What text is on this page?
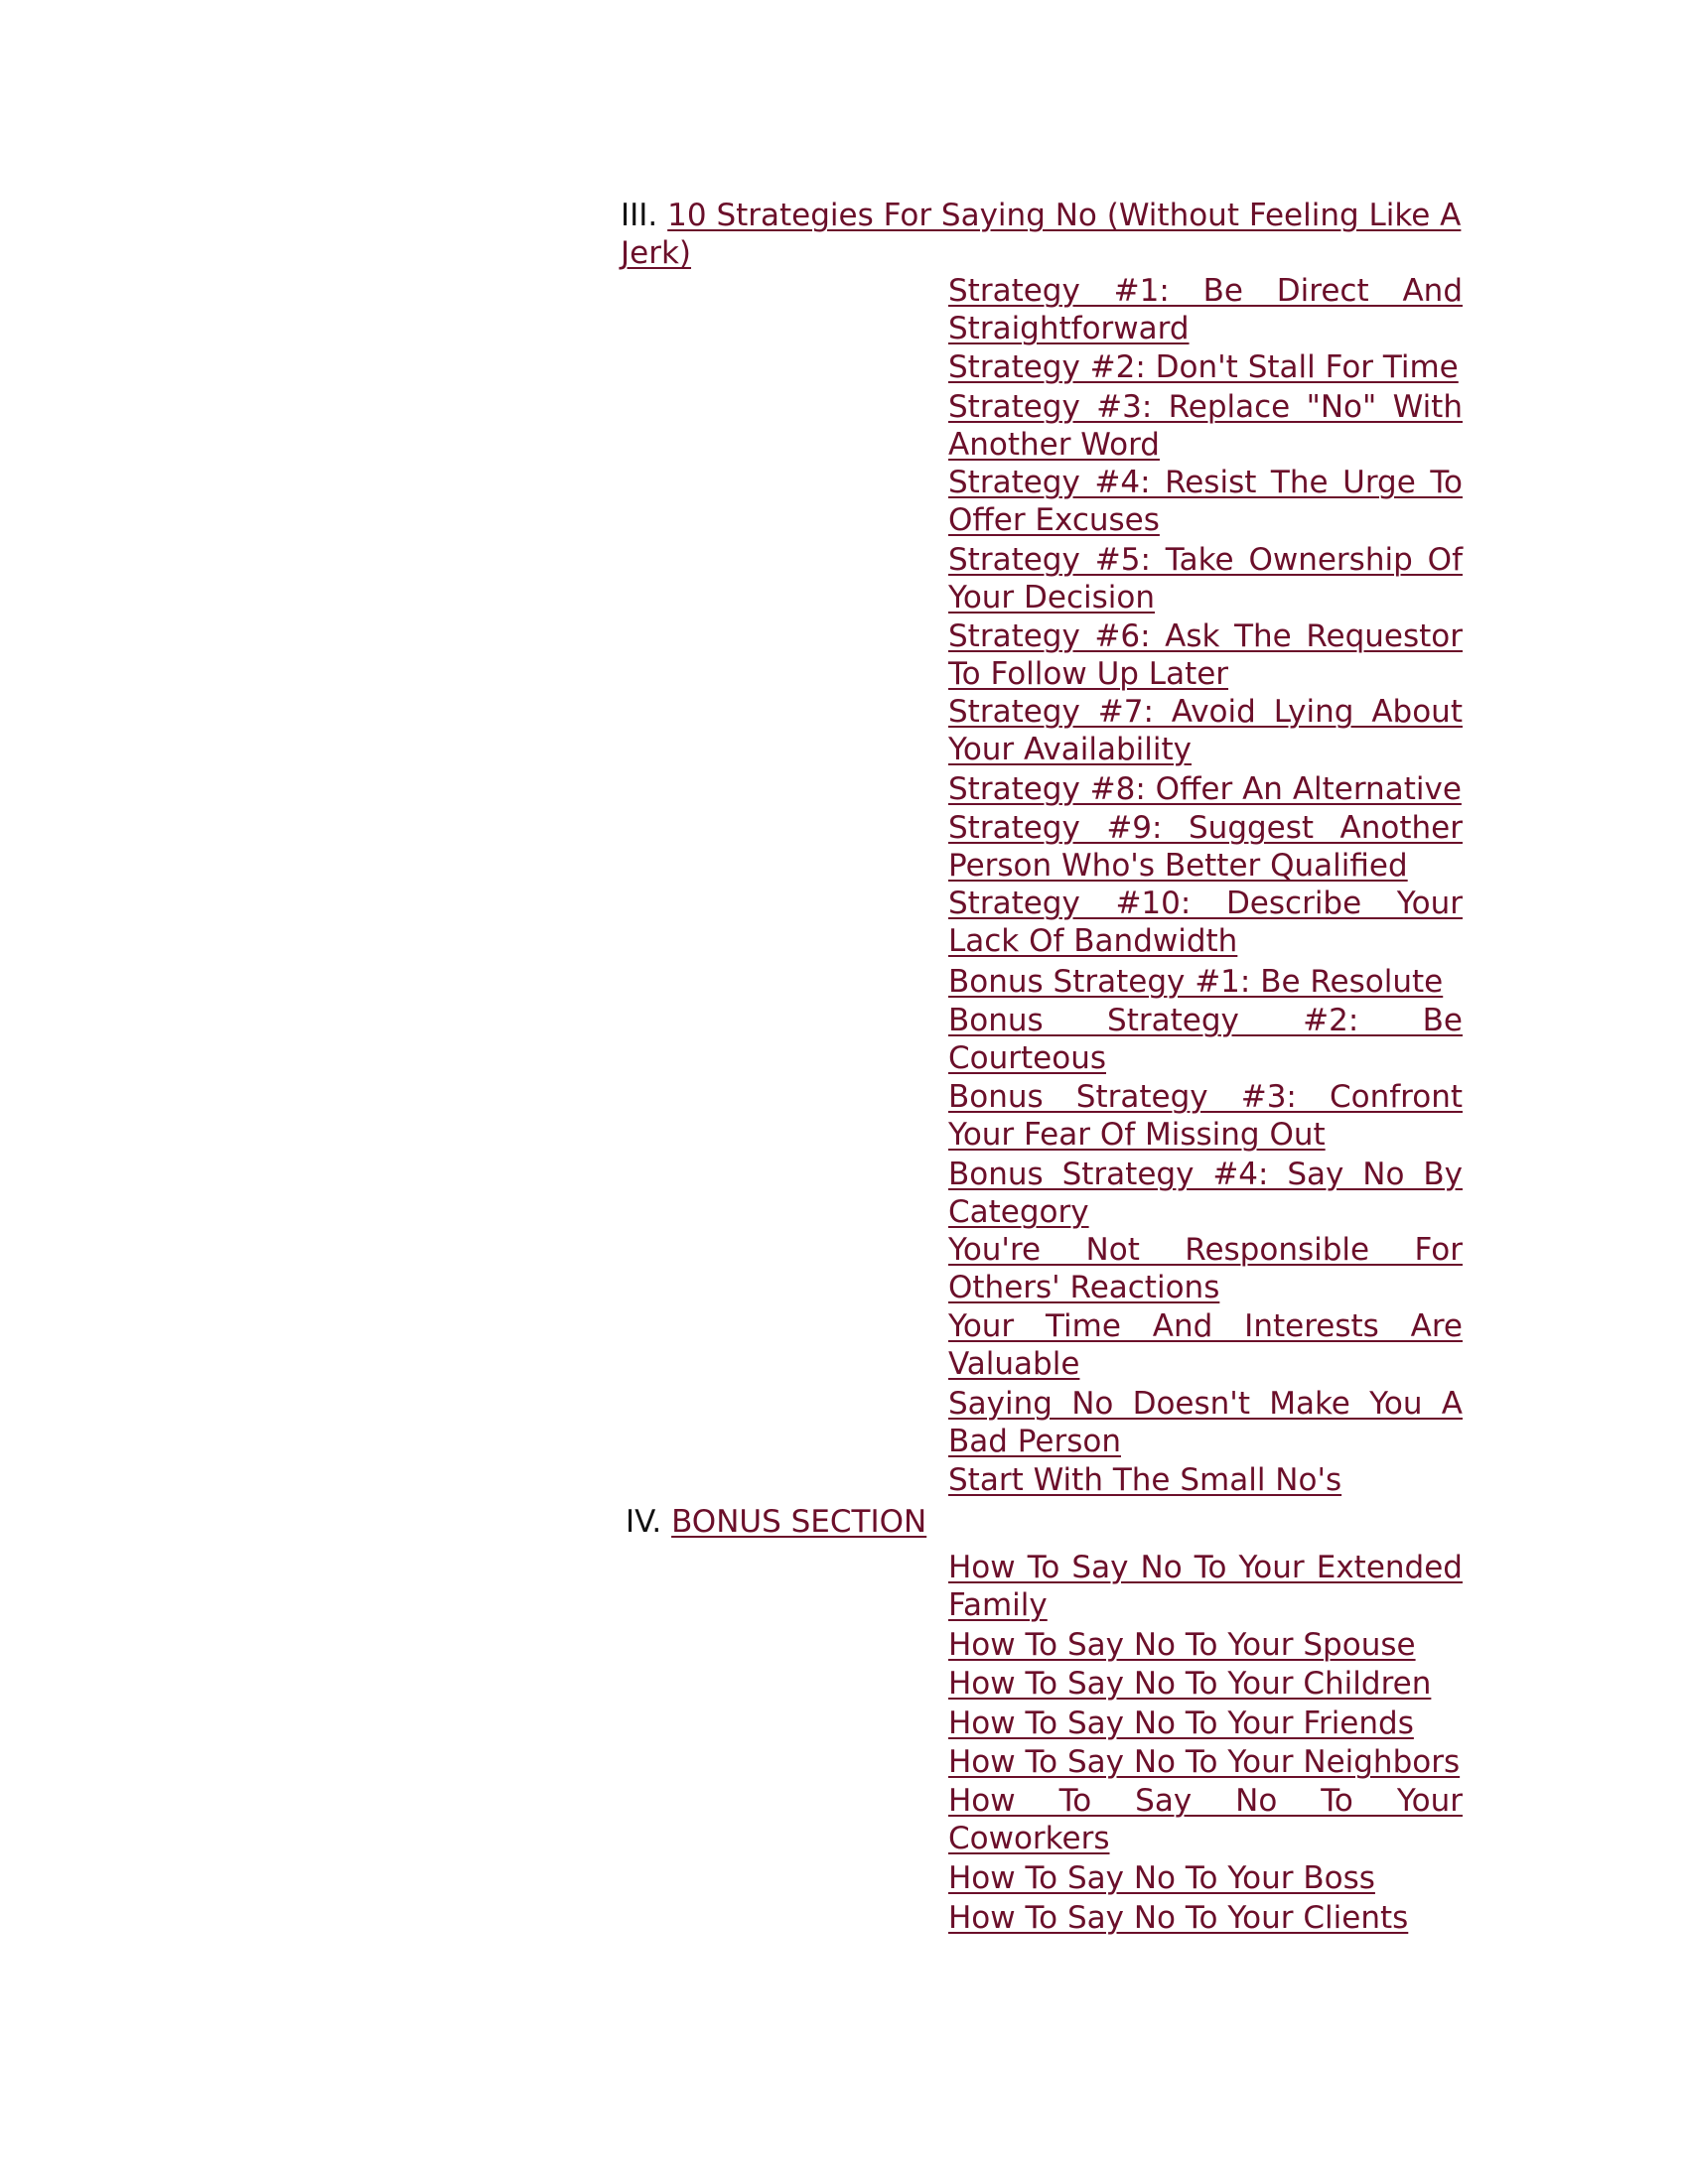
III. 10 Strategies For Saying No (Without Feeling Like A Jerk)
Strategy #1: Be Direct And Straightforward
Strategy #2: Don't Stall For Time
Strategy #3: Replace "No" With Another Word
Strategy #4: Resist The Urge To Offer Excuses
Strategy #5: Take Ownership Of Your Decision
Strategy #6: Ask The Requestor To Follow Up Later
Strategy #7: Avoid Lying About Your Availability
Strategy #8: Offer An Alternative
Strategy #9: Suggest Another Person Who's Better Qualified
Strategy #10: Describe Your Lack Of Bandwidth
Bonus Strategy #1: Be Resolute
Bonus Strategy #2: Be Courteous
Bonus Strategy #3: Confront Your Fear Of Missing Out
Bonus Strategy #4: Say No By Category
You're Not Responsible For Others' Reactions
Your Time And Interests Are Valuable
Saying No Doesn't Make You A Bad Person
Start With The Small No's
IV. BONUS SECTION
How To Say No To Your Extended Family
How To Say No To Your Spouse
How To Say No To Your Children
How To Say No To Your Friends
How To Say No To Your Neighbors
How To Say No To Your Coworkers
How To Say No To Your Boss
How To Say No To Your Clients
